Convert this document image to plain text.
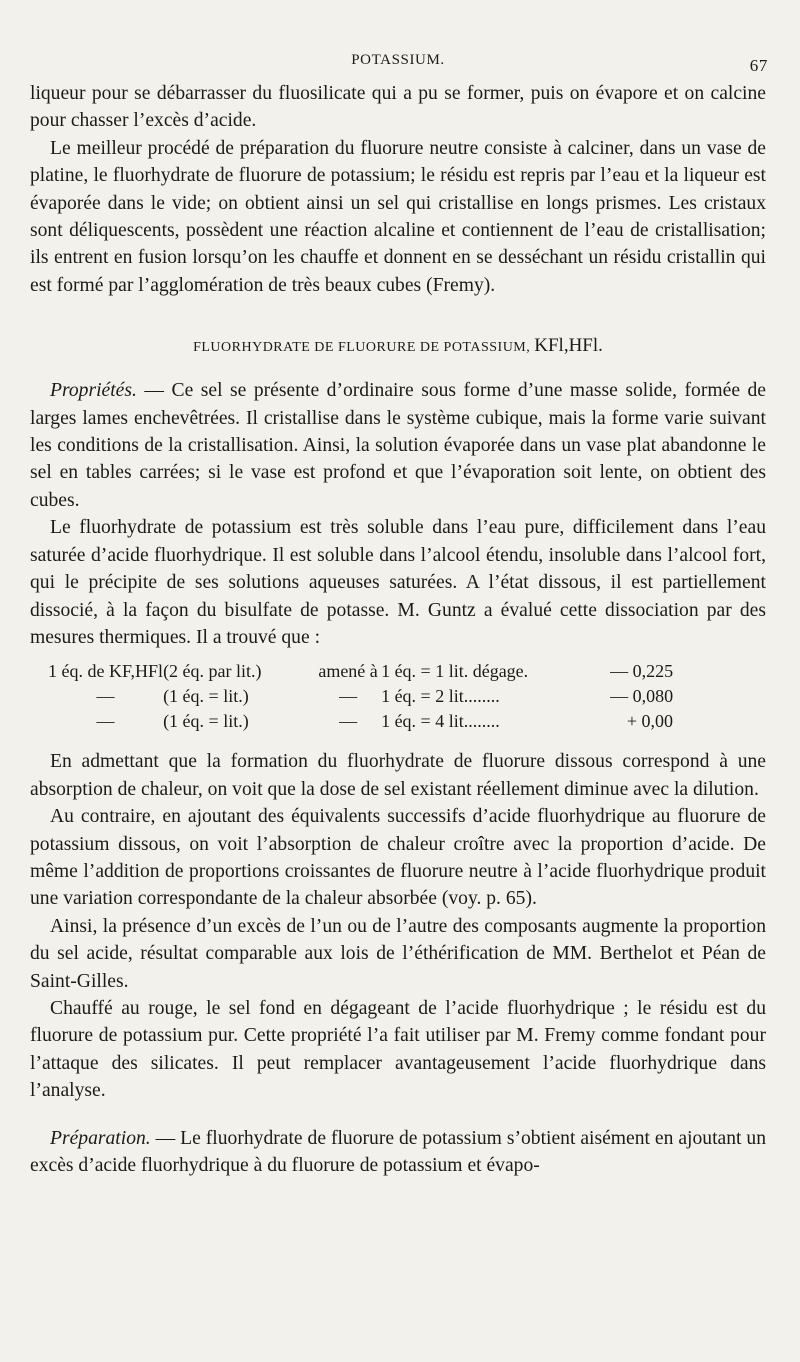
POTASSIUM.	67

liqueur pour se débarrasser du fluosilicate qui a pu se former, puis on évapore et on calcine pour chasser l’excès d’acide.

Le meilleur procédé de préparation du fluorure neutre consiste à calciner, dans un vase de platine, le fluorhydrate de fluorure de potassium; le résidu est repris par l’eau et la liqueur est évaporée dans le vide; on obtient ainsi un sel qui cristallise en longs prismes. Les cristaux sont déliquescents, possèdent une réaction alcaline et contiennent de l’eau de cristallisation; ils entrent en fusion lorsqu’on les chauffe et donnent en se desséchant un résidu cristallin qui est formé par l’agglomération de très beaux cubes (Fremy).

FLUORHYDRATE DE FLUORURE DE POTASSIUM, KFl,HFl.

Propriétés. — Ce sel se présente d’ordinaire sous forme d’une masse solide, formée de larges lames enchevêtrées. Il cristallise dans le système cubique, mais la forme varie suivant les conditions de la cristallisation. Ainsi, la solution évaporée dans un vase plat abandonne le sel en tables carrées; si le vase est profond et que l’évaporation soit lente, on obtient des cubes.

Le fluorhydrate de potassium est très soluble dans l’eau pure, difficilement dans l’eau saturée d’acide fluorhydrique. Il est soluble dans l’alcool étendu, insoluble dans l’alcool fort, qui le précipite de ses solutions aqueuses saturées. A l’état dissous, il est partiellement dissocié, à la façon du bisulfate de potasse. M. Guntz a évalué cette dissociation par des mesures thermiques. Il a trouvé que :

1 éq. de KF,HFl	(2 éq. par lit.)	amené à	1 éq. = 1 lit. dégage.	— 0,225
—	(1 éq. = lit.)	—	1 éq. = 2 lit........	— 0,080
—	(1 éq. = lit.)	—	1 éq. = 4 lit........	+ 0,00

En admettant que la formation du fluorhydrate de fluorure dissous correspond à une absorption de chaleur, on voit que la dose de sel existant réellement diminue avec la dilution.

Au contraire, en ajoutant des équivalents successifs d’acide fluorhydrique au fluorure de potassium dissous, on voit l’absorption de chaleur croître avec la proportion d’acide. De même l’addition de proportions croissantes de fluorure neutre à l’acide fluorhydrique produit une variation correspondante de la chaleur absorbée (voy. p. 65).

Ainsi, la présence d’un excès de l’un ou de l’autre des composants augmente la proportion du sel acide, résultat comparable aux lois de l’éthérification de MM. Berthelot et Péan de Saint-Gilles.

Chauffé au rouge, le sel fond en dégageant de l’acide fluorhydrique ; le résidu est du fluorure de potassium pur. Cette propriété l’a fait utiliser par M. Fremy comme fondant pour l’attaque des silicates. Il peut remplacer avantageusement l’acide fluorhydrique dans l’analyse.

Préparation. — Le fluorhydrate de fluorure de potassium s’obtient aisément en ajoutant un excès d’acide fluorhydrique à du fluorure de potassium et évapo-
